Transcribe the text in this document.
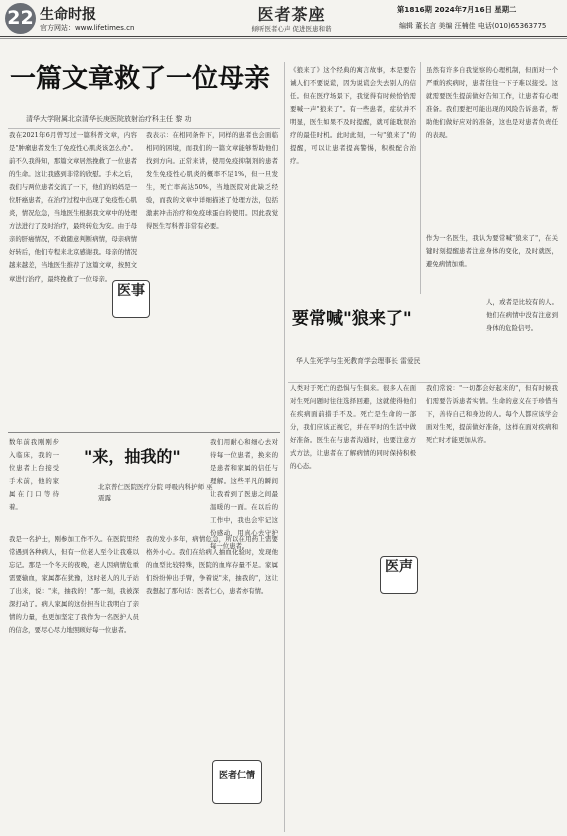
22 生命时报
官方网站：www.lifetimes.cn
医者茶座
倾听医者心声 促进医患和谐
第1816期 2024年7月16日 星期二
编辑 董长言 美编 汪楠佳 电话(010)65363775
一篇文章救了一位母亲
清华大学附属北京清华长庚医院放射治疗科主任 黎 功
我在2021年6月曾写过一篇科普文章，内容是"肿瘤患者发生了免疫性心肌炎该怎么办"。前不久我得知，那篇文章居然挽救了一位患者的生命。这让我感到非常的欣慰。手术之后，我们与两位患者交流了一下，他们的妈妈是一位肝癌患者，在治疗过程中出现了免疫性心肌炎，情况危急，当地医生根据我文章中的处理方法进行了及时治疗，最终转危为安。由于母亲的肝癌情况，不敢随意判断病情，母亲病情好转后，他们专程来北京感谢我。母亲的情况越来越差，当地医生推荐了这篇文章，按照文章进行治疗，最终挽救了一位母亲。
我表示：在相同条件下，同样的患者也会面临相同的困境，而我们的一篇文章能够帮助他们找到方向。正常来讲，使用免疫抑制剂的患者发生免疫性心肌炎的概率不足1%，但一旦发生，死亡率高达50%，当地医院对此缺乏经验，而我的文章中详细描述了处理方法，包括激素冲击治疗和免疫球蛋白的使用。因此我觉得医生写科普非常有必要。
医事
数年前我刚刚步入临床，我的一位患者上台接受手术前，他的家属在门口等待着。
"来，抽我的"
北京普仁医院医疗分院 呼吸内科护师 巫震露
我是一名护士，刚参加工作不久。在医院里经常遇到各种病人，但有一位老人至今让我难以忘记。那是一个冬天的夜晚，老人因病情危重需要输血，家属都在犹豫，这时老人的儿子站了出来，说："来，抽我的！"那一刻，我被深深打动了。病人家属的这份担当让我明白了亲情的力量，也更加坚定了我作为一名医护人员的信念，要尽心尽力地照顾好每一位患者。
我的发小多年，病情危急，所以在用药上需要格外小心。我们在给病人抽血化验时，发现他的血型比较特殊，医院的血库存量不足。家属们纷纷伸出手臂，争着说"来，抽我的"，这让我想起了那句话：医者仁心，患者亦有情。
我们用耐心和细心去对待每一位患者，换来的是患者和家属的信任与理解。这些平凡的瞬间让我看到了医患之间最温暖的一面。在以后的工作中，我也会牢记这份感动，用真心去守护每一位患者。
医者仁情
《狼来了》这个经典的寓言故事，本是要告诫人们不要说谎，因为说谎会失去别人的信任。但在医疗场景下，我觉得有时候恰恰需要喊一声"狼来了"。有一些患者，症状并不明显，医生如果不及时提醒，就可能耽误治疗的最佳时机。此时此刻，一句"狼来了"的提醒，可以让患者提高警惕，积极配合治疗。
虽然有许多自我觉察的心理机制，但面对一个严重的疾病时，患者往往一下子难以接受。这就需要医生提前做好告知工作，让患者有心理准备。我们要把可能出现的风险告诉患者，帮助他们做好应对的准备，这也是对患者负责任的表现。
作为一名医生，我认为要常喊"狼来了"，在关键时刻提醒患者注意身体的变化，及时就医，避免病情加重。
人，或者是比较有的人。他们在病情中没有注意到身体的危险信号。
要常喊"狼来了"
华人生死学与生死教育学会理事长 雷爱民
人类对于死亡的恐惧与生俱来。很多人在面对生死问题时往往选择回避，这就使得他们在疾病面前措手不及。死亡是生命的一部分，我们应该正视它，并在平时的生活中做好准备。医生在与患者沟通时，也要注意方式方法，让患者在了解病情的同时保持积极的心态。
我们常说："一切都会好起来的"，但有时候我们需要告诉患者实情。生命的意义在于珍惜当下，善待自己和身边的人。每个人都应该学会面对生死，提前做好准备，这样在面对疾病和死亡时才能更加从容。
医声
